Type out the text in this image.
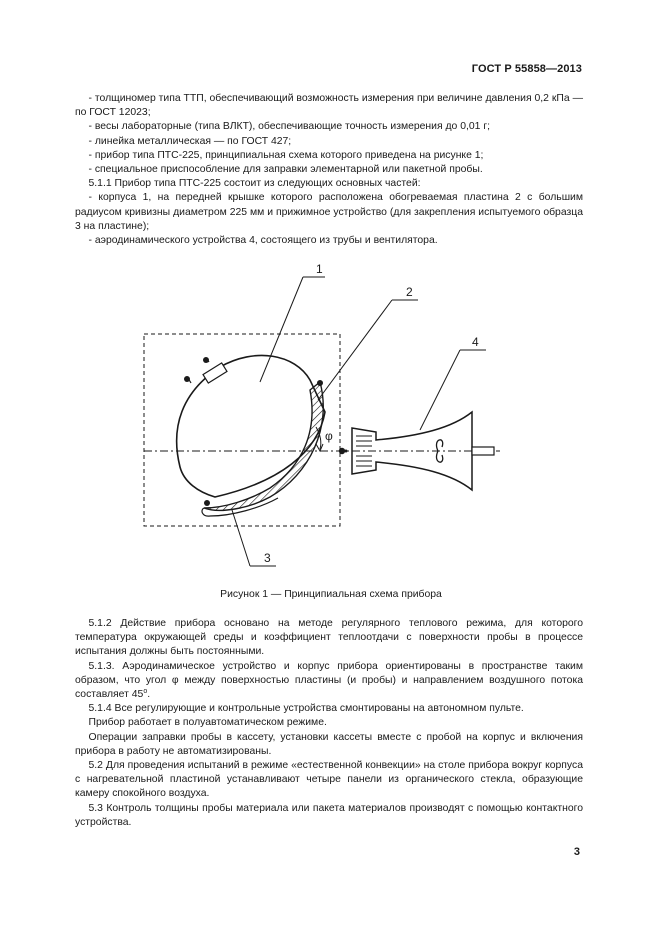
ГОСТ Р 55858—2013

- толщиномер типа ТТП, обеспечивающий возможность измерения при величине давления 0,2 кПа — по ГОСТ 12023;

- весы лабораторные (типа ВЛКТ), обеспечивающие точность измерения до 0,01 г;

- линейка металлическая — по ГОСТ 427;

- прибор типа ПТС-225, принципиальная схема которого приведена на рисунке 1;

- специальное приспособление для заправки элементарной или пакетной пробы.

5.1.1 Прибор типа ПТС-225 состоит из следующих основных частей:

- корпуса 1, на передней крышке которого расположена обогреваемая пластина 2 с большим радиусом кривизны диаметром 225 мм и прижимное устройство (для закрепления испытуемого образца 3 на пластине);

- аэродинамического устройства 4, состоящего из трубы и вентилятора.

φ
1
2
4
3
Рисунок 1 — Принципиальная схема прибора

5.1.2 Действие прибора основано на методе регулярного теплового режима, для которого температура окружающей среды и коэффициент теплоотдачи с поверхности пробы в процессе испытания должны быть постоянными.

5.1.3. Аэродинамическое устройство и корпус прибора ориентированы в пространстве таким образом, что угол φ между поверхностью пластины (и пробы) и направлением воздушного потока составляет $45^о$.

5.1.4 Все регулирующие и контрольные устройства смонтированы на автономном пульте.

Прибор работает в полуавтоматическом режиме.

Операции заправки пробы в кассету, установки кассеты вместе с пробой на корпус и включения прибора в работу не автоматизированы.

5.2 Для проведения испытаний в режиме «естественной конвекции» на столе прибора вокруг корпуса с нагревательной пластиной устанавливают четыре панели из органического стекла, образующие камеру спокойного воздуха.

5.3 Контроль толщины пробы материала или пакета материалов производят с помощью контактного устройства.

3
